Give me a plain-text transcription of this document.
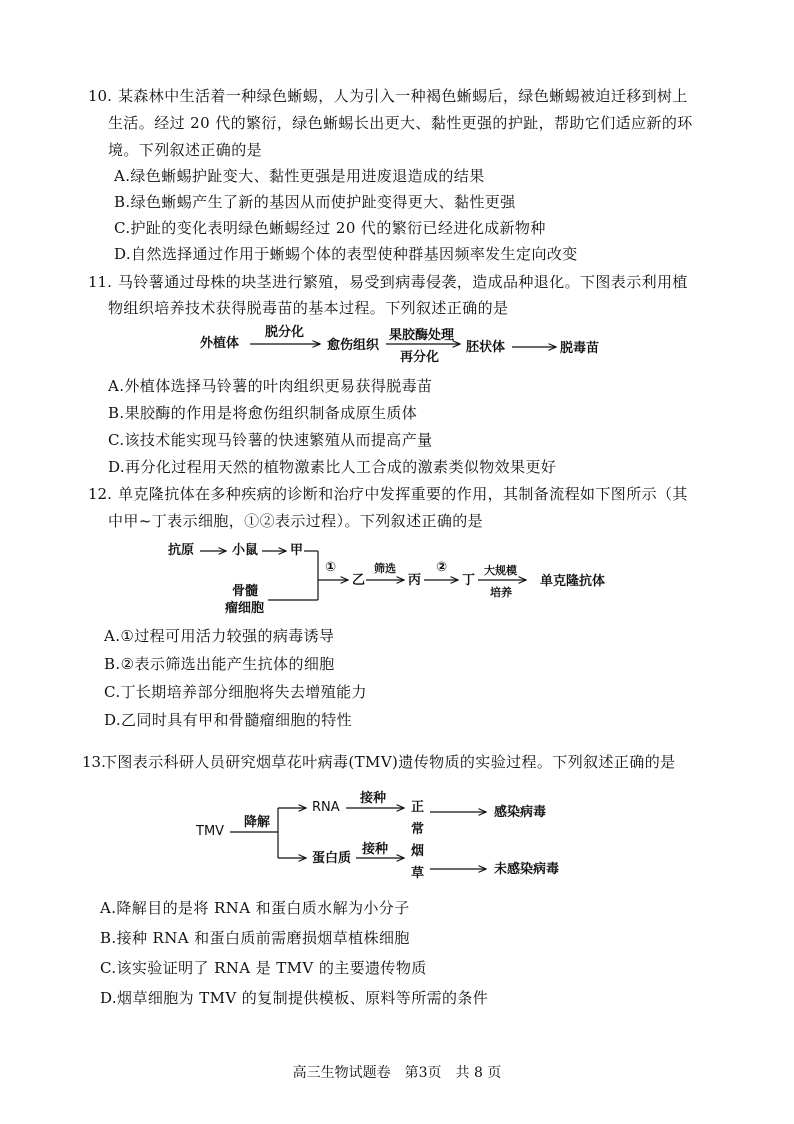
10. 某森林中生活着一种绿色蜥蜴，人为引入一种褐色蜥蜴后，绿色蜥蜴被迫迁移到树上
生活。经过 20 代的繁衍，绿色蜥蜴长出更大、黏性更强的护趾，帮助它们适应新的环
境。下列叙述正确的是
A.绿色蜥蜴护趾变大、黏性更强是用进废退造成的结果
B.绿色蜥蜴产生了新的基因从而使护趾变得更大、黏性更强
C.护趾的变化表明绿色蜥蜴经过 20 代的繁衍已经进化成新物种
D.自然选择通过作用于蜥蜴个体的表型使种群基因频率发生定向改变
11. 马铃薯通过母株的块茎进行繁殖，易受到病毒侵袭，造成品种退化。下图表示利用植
物组织培养技术获得脱毒苗的基本过程。下列叙述正确的是
外植体
脱分化
愈伤组织
果胶酶处理
再分化
胚状体	脱毒苗
A.外植体选择马铃薯的叶肉组织更易获得脱毒苗
B.果胶酶的作用是将愈伤组织制备成原生质体
C.该技术能实现马铃薯的快速繁殖从而提高产量
D.再分化过程用天然的植物激素比人工合成的激素类似物效果更好
12. 单克隆抗体在多种疾病的诊断和治疗中发挥重要的作用，其制备流程如下图所示（其
中甲~丁表示细胞，①②表示过程）。下列叙述正确的是
抗原	小鼠 甲
骨髓
瘤细胞
①
乙
筛选
丙
②
丁
大规模
培养
单克隆抗体
A.①过程可用活力较强的病毒诱导
B.②表示筛选出能产生抗体的细胞
C.丁长期培养部分细胞将失去增殖能力
D.乙同时具有甲和骨髓瘤细胞的特性
13.
下图表示科研人员研究烟草花叶病毒(TMV)遗传物质的实验过程。下列叙述正确的是
TMV
降解
RNA
蛋白质
接种
接种
正
常
烟
草
感染病毒
未感染病毒
A.降解目的是将 RNA 和蛋白质水解为小分子
B.接种 RNA 和蛋白质前需磨损烟草植株细胞
C.该实验证明了 RNA 是 TMV 的主要遗传物质
D.烟草细胞为 TMV 的复制提供模板、原料等所需的条件
高三生物试题卷　第3页　共 8 页
